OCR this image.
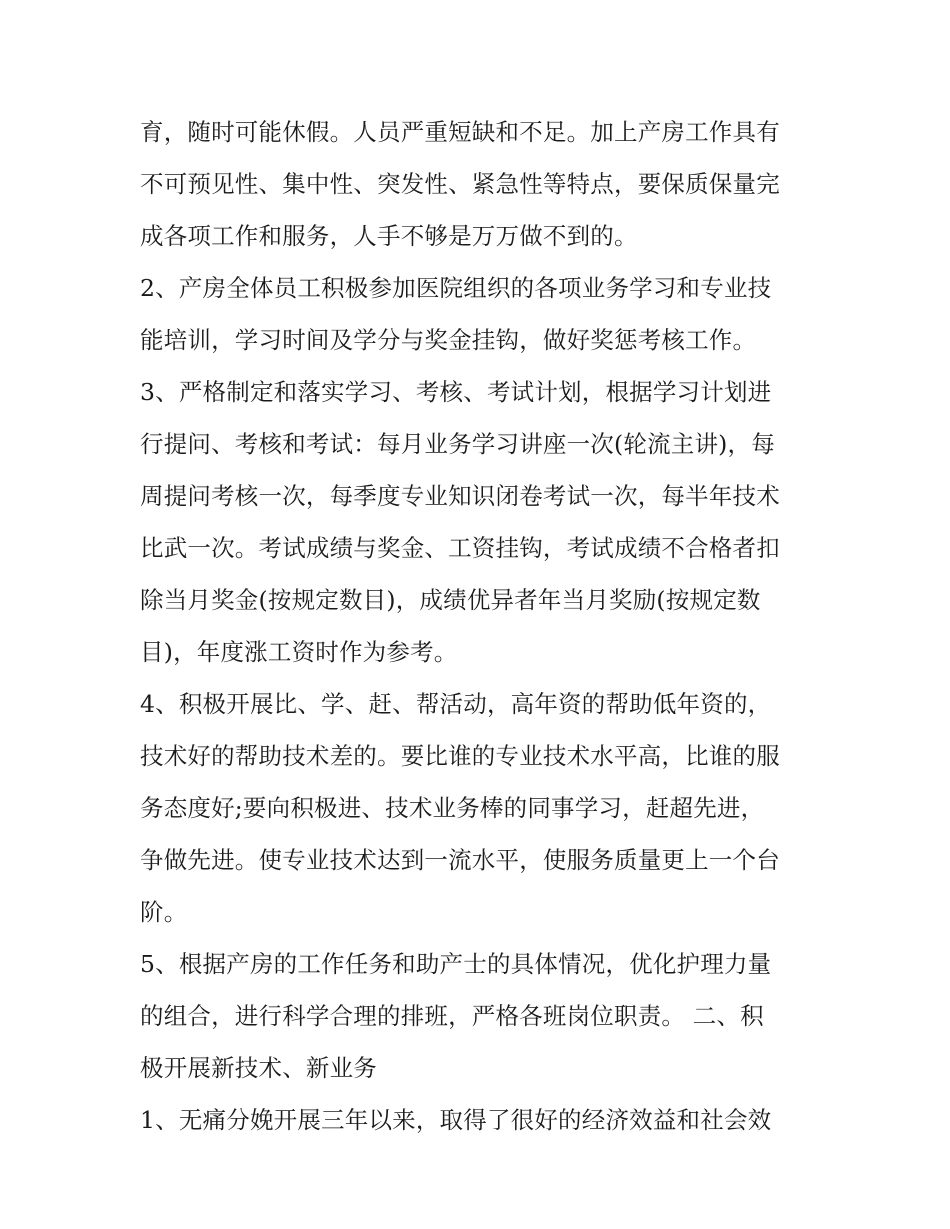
育，随时可能休假。人员严重短缺和不足。加上产房工作具有
不可预见性、集中性、突发性、紧急性等特点，要保质保量完
成各项工作和服务，人手不够是万万做不到的。
2、产房全体员工积极参加医院组织的各项业务学习和专业技
能培训，学习时间及学分与奖金挂钩，做好奖惩考核工作。
3、严格制定和落实学习、考核、考试计划，根据学习计划进
行提问、考核和考试：每月业务学习讲座一次(轮流主讲)，每
周提问考核一次，每季度专业知识闭卷考试一次，每半年技术
比武一次。考试成绩与奖金、工资挂钩，考试成绩不合格者扣
除当月奖金(按规定数目)，成绩优异者年当月奖励(按规定数
目)，年度涨工资时作为参考。
4、积极开展比、学、赶、帮活动，高年资的帮助低年资的，
技术好的帮助技术差的。要比谁的专业技术水平高，比谁的服
务态度好;要向积极进、技术业务棒的同事学习，赶超先进，
争做先进。使专业技术达到一流水平，使服务质量更上一个台
阶。
5、根据产房的工作任务和助产士的具体情况，优化护理力量
的组合，进行科学合理的排班，严格各班岗位职责。 二、积
极开展新技术、新业务
1、无痛分娩开展三年以来，取得了很好的经济效益和社会效
